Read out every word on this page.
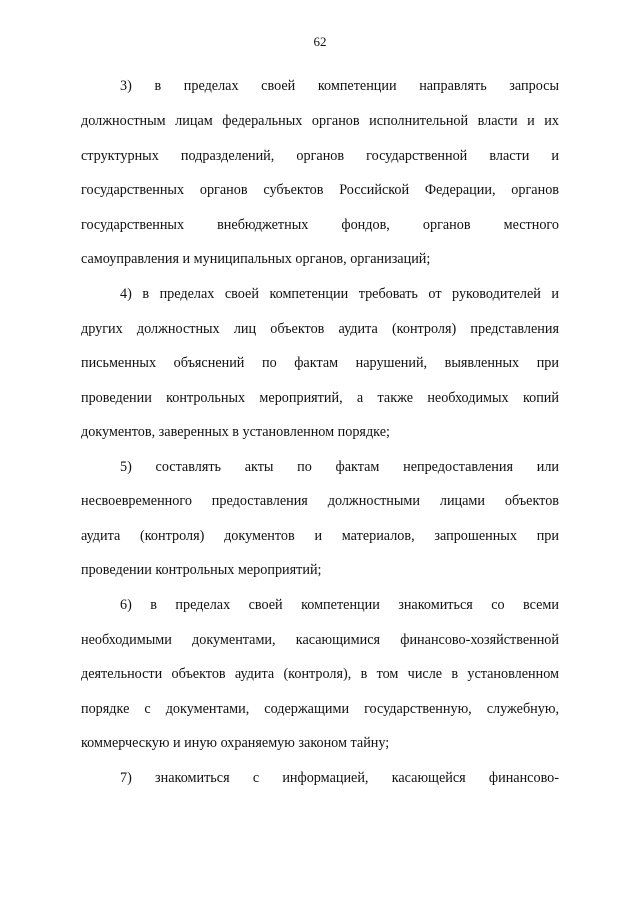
62
3) в пределах своей компетенции направлять запросы
должностным лицам федеральных органов исполнительной власти и их
структурных подразделений, органов государственной власти и
государственных органов субъектов Российской Федерации, органов
государственных внебюджетных фондов, органов местного
самоуправления и муниципальных органов, организаций;
4) в пределах своей компетенции требовать от руководителей и
других должностных лиц объектов аудита (контроля) представления
письменных объяснений по фактам нарушений, выявленных при
проведении контрольных мероприятий, а также необходимых копий
документов, заверенных в установленном порядке;
5) составлять акты по фактам непредоставления или
несвоевременного предоставления должностными лицами объектов
аудита (контроля) документов и материалов, запрошенных при
проведении контрольных мероприятий;
6) в пределах своей компетенции знакомиться со всеми
необходимыми документами, касающимися финансово-хозяйственной
деятельности объектов аудита (контроля), в том числе в установленном
порядке с документами, содержащими государственную, служебную,
коммерческую и иную охраняемую законом тайну;
7) знакомиться с информацией, касающейся финансово-
